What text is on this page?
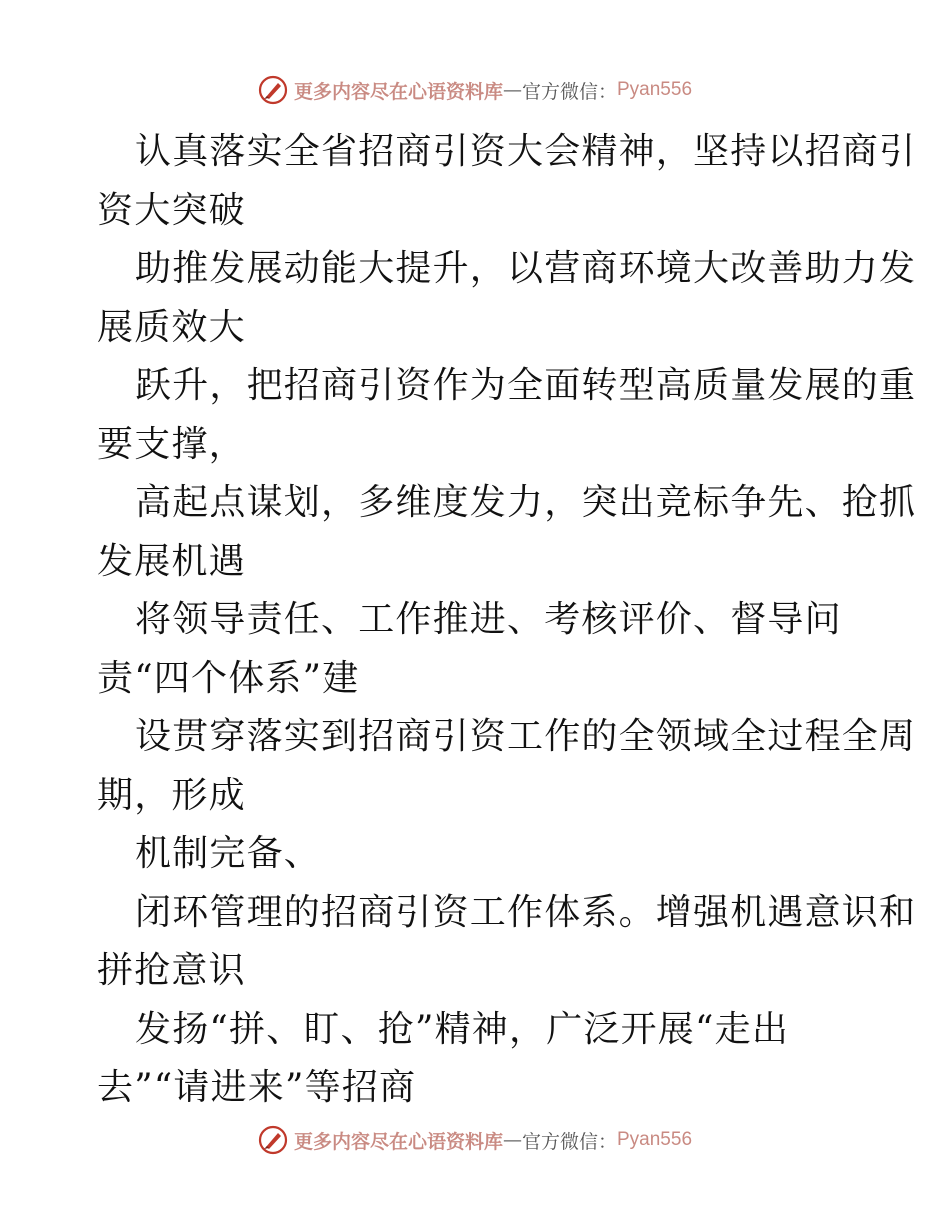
更多内容尽在心语资料库 — 官方微信： Pyan556

认真落实全省招商引资大会精神，坚持以招商引
资大突破

助推发展动能大提升，以营商环境大改善助力发
展质效大

跃升，把招商引资作为全面转型高质量发展的重
要支撑，

高起点谋划，多维度发力，突出竞标争先、抢抓
发展机遇

将领导责任、工作推进、考核评价、督导问
责“四个体系”建

设贯穿落实到招商引资工作的全领域全过程全周
期，形成

机制完备、

闭环管理的招商引资工作体系。增强机遇意识和
拼抢意识

发扬“拼、盯、抢”精神，广泛开展“走出
去”“请进来”等招商

更多内容尽在心语资料库 — 官方微信： Pyan556
